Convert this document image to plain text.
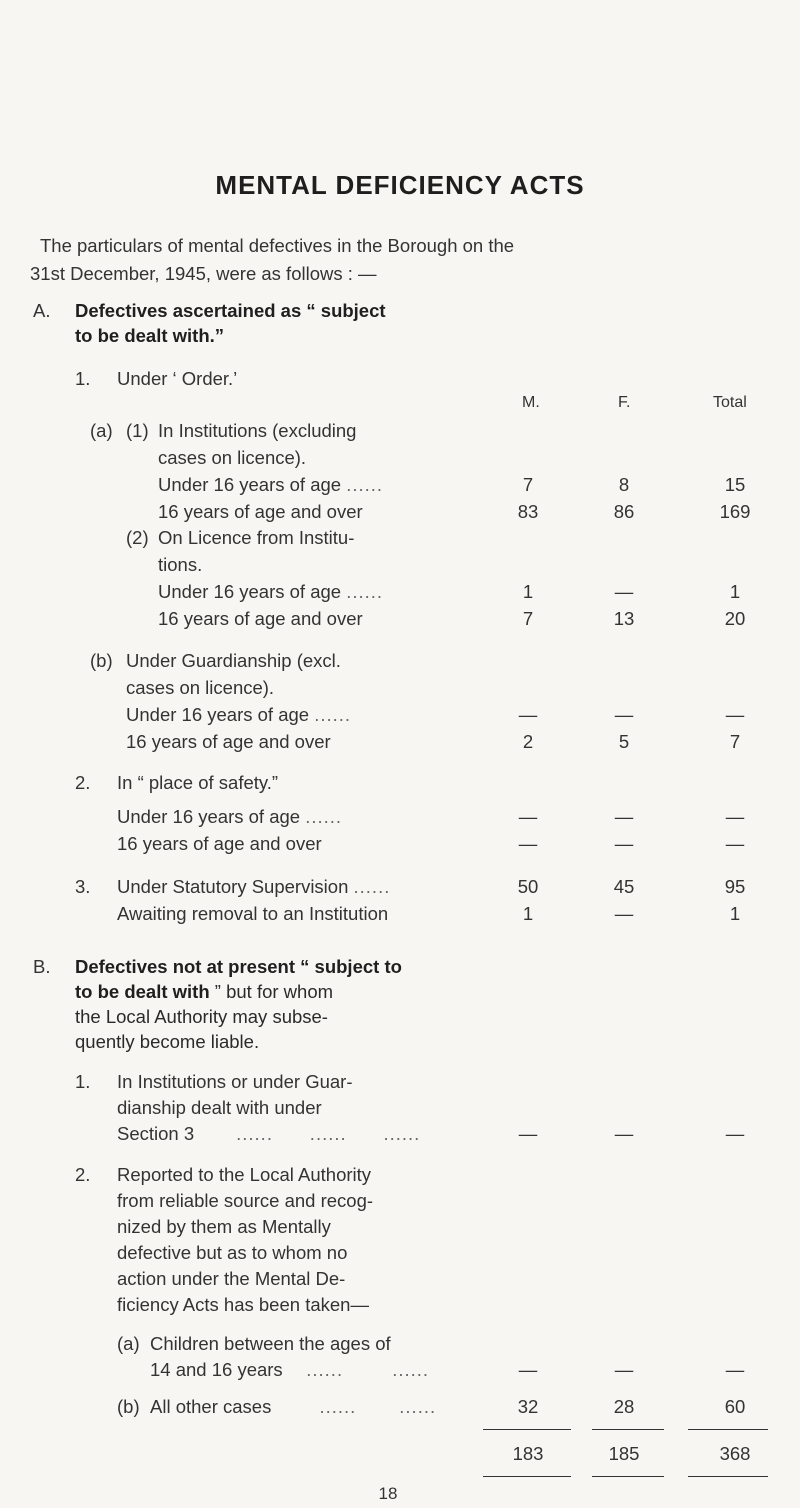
MENTAL DEFICIENCY ACTS
The particulars of mental defectives in the Borough on the
31st December, 1945, were as follows : —
A. Defectives ascertained as “ subject
to be dealt with.”
1. Under ‘ Order.’
M.	F.	Total
(a) (1) In Institutions (excluding
cases on licence).
Under 16 years of age ......	7	8	15
16 years of age and over	83	86	169
(2) On Licence from Institu-
tions.
Under 16 years of age ......	1	—	1
16 years of age and over	7	13	20
(b) Under Guardianship (excl.
cases on licence).
Under 16 years of age ......	—	—	—
16 years of age and over	2	5	7
2. In “ place of safety.”
Under 16 years of age ......	—	—	—
16 years of age and over	—	—	—
3. Under Statutory Supervision ......	50	45	95
Awaiting removal to an Institution	1	—	1
B. Defectives not at present “ subject to
to be dealt with ” but for whom
the Local Authority may subse-
quently become liable.
1. In Institutions or under Guar-
dianship dealt with under
Section 3       ......      ......      ......	—	—	—
2. Reported to the Local Authority
from reliable source and recog-
nized by them as Mentally
defective but as to whom no
action under the Mental De-
ficiency Acts has been taken—
(a) Children between the ages of
14 and 16 years    ......        ......	—	—	—
(b) All other cases        ......       ......	32	28	60
183	185	368
18
